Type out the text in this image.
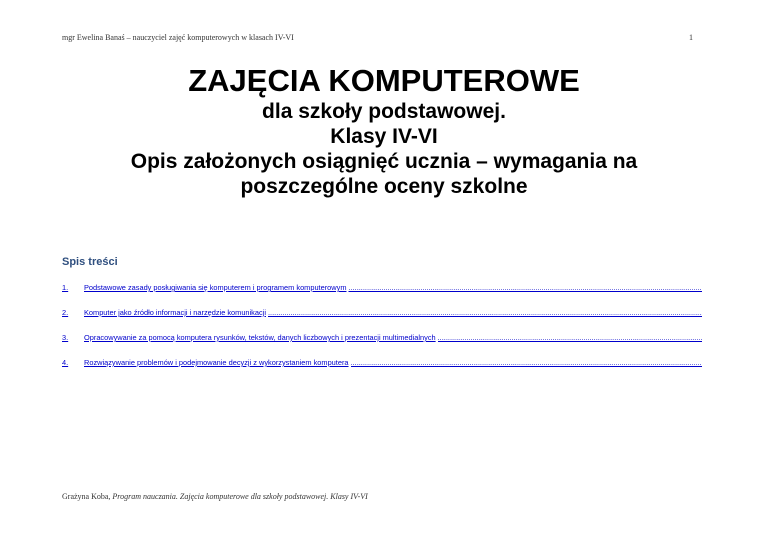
mgr Ewelina Banaś – nauczyciel zajęć komputerowych w klasach IV-VI	1

ZAJĘCIA KOMPUTEROWE

dla szkoły podstawowej.

Klasy IV-VI

Opis założonych osiągnięć ucznia – wymagania na

poszczególne oceny szkolne

Spis treści
1.	Podstawowe zasady posługiwania się komputerem i programem komputerowym
.....
2.	Komputer jako źródło informacji i narzędzie komunikacji
.....
3.	Opracowywanie za pomocą komputera rysunków, tekstów, danych liczbowych i prezentacji multimedialnych
.....
4.	Rozwiązywanie problemów i podejmowanie decyzji z wykorzystaniem komputera
.....
Grażyna Koba, Program nauczania. Zajęcia komputerowe dla szkoły podstawowej. Klasy IV-VI
